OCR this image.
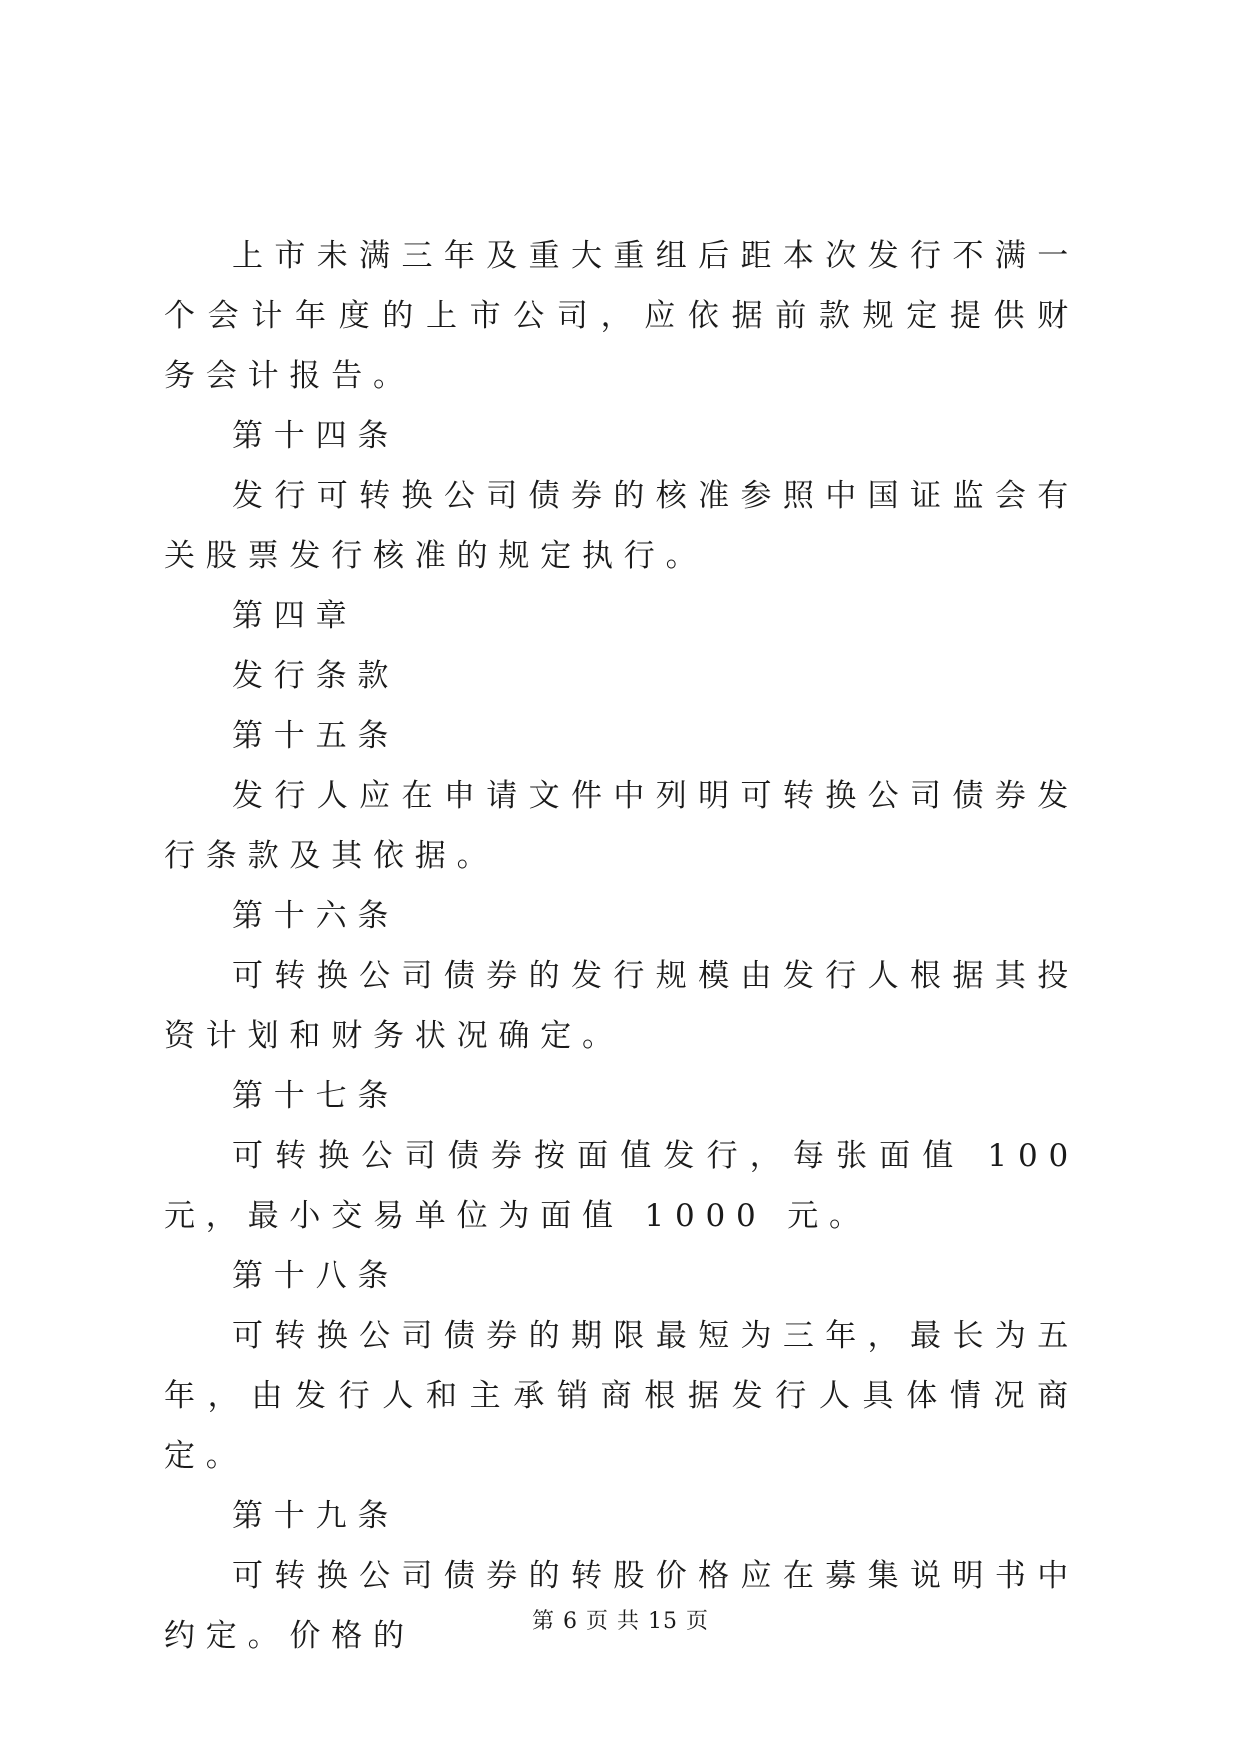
上市未满三年及重大重组后距本次发行不满一个会计年度的上市公司，应依据前款规定提供财务会计报告。

第十四条

发行可转换公司债券的核准参照中国证监会有关股票发行核准的规定执行。

第四章

发行条款

第十五条

发行人应在申请文件中列明可转换公司债券发行条款及其依据。

第十六条

可转换公司债券的发行规模由发行人根据其投资计划和财务状况确定。

第十七条

可转换公司债券按面值发行，每张面值 100 元，最小交易单位为面值 1000 元。

第十八条

可转换公司债券的期限最短为三年，最长为五年，由发行人和主承销商根据发行人具体情况商定。

第十九条

可转换公司债券的转股价格应在募集说明书中约定。价格的	第 6 页 共 15 页
